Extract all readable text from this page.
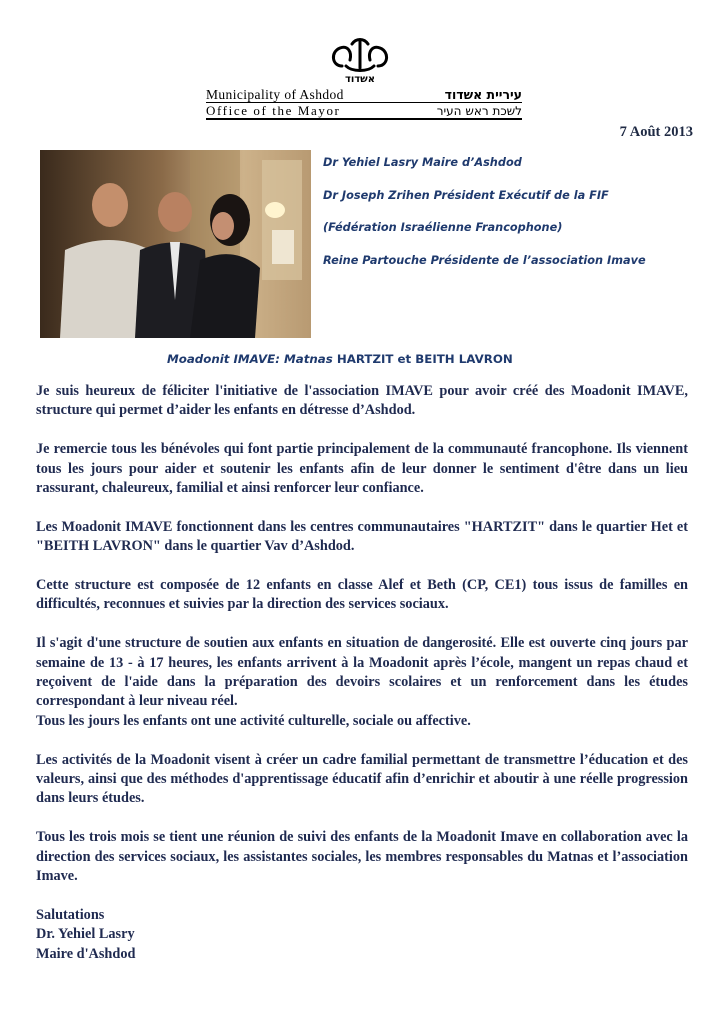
אשדוד
Municipality of Ashdod	עיריית אשדוד
Office of the Mayor	לשכת ראש העיר
7 Août 2013
Dr Yehiel Lasry Maire d’Ashdod
Dr Joseph Zrihen Président Exécutif de la FIF
(Fédération Israélienne Francophone)
Reine Partouche Présidente de l’association Imave
Moadonit IMAVE: Matnas HARTZIT et BEITH LAVRON

Je suis heureux de féliciter l'initiative de l'association IMAVE pour avoir créé des Moadonit IMAVE, structure qui permet d’aider les enfants en détresse d’Ashdod.

Je remercie tous les bénévoles qui font partie principalement de la communauté francophone. Ils viennent tous les jours pour aider et soutenir les enfants afin de leur donner le sentiment d'être dans un lieu rassurant, chaleureux, familial et ainsi renforcer leur confiance.

Les Moadonit IMAVE fonctionnent dans les centres communautaires "HARTZIT" dans le quartier Het et "BEITH LAVRON" dans le quartier Vav d’Ashdod.

Cette structure est composée de 12 enfants en classe Alef et Beth (CP, CE1) tous issus de familles en difficultés, reconnues et suivies par la direction des services sociaux.

Il s'agit d'une structure de soutien aux enfants en situation de dangerosité. Elle est ouverte cinq jours par semaine de 13 - à 17 heures, les enfants arrivent à la Moadonit après l’école, mangent un repas chaud et reçoivent de l'aide dans la préparation des devoirs scolaires et un renforcement dans les études correspondant à leur niveau réel.

Tous les jours les enfants ont une activité culturelle, sociale ou affective.

Les activités de la Moadonit visent à créer un cadre familial permettant de transmettre l’éducation et des valeurs, ainsi que des méthodes d'apprentissage éducatif afin d’enrichir et aboutir à une réelle progression dans leurs études.

Tous les trois mois se tient une réunion de suivi des enfants de la Moadonit Imave en collaboration avec la direction des services sociaux, les assistantes sociales, les membres responsables du Matnas et l’association Imave.

Salutations
Dr. Yehiel Lasry
Maire d'Ashdod
